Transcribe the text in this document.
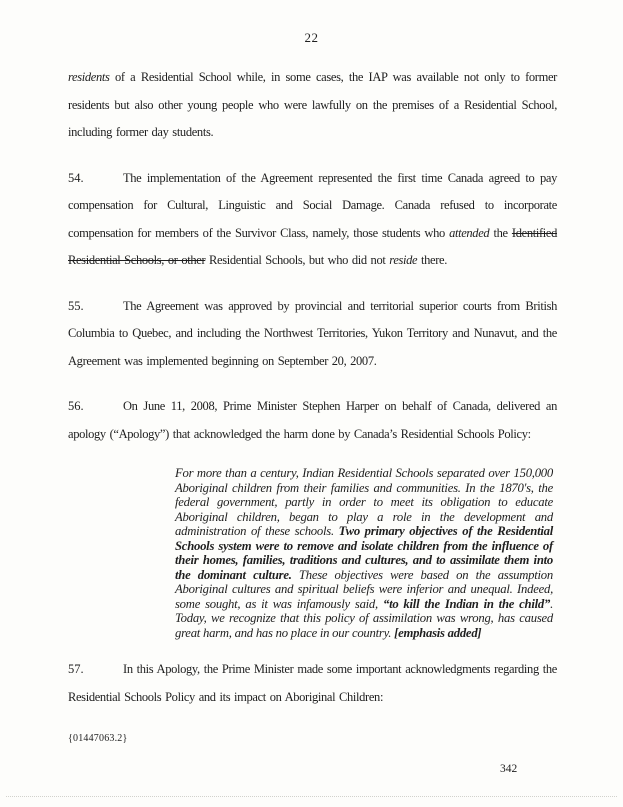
22

residents of a Residential School while, in some cases, the IAP was available not only to former residents but also other young people who were lawfully on the premises of a Residential School, including former day students.

54.	The implementation of the Agreement represented the first time Canada agreed to pay compensation for Cultural, Linguistic and Social Damage. Canada refused to incorporate compensation for members of the Survivor Class, namely, those students who attended the Identified Residential Schools, or other Residential Schools, but who did not reside there.

55.	The Agreement was approved by provincial and territorial superior courts from British Columbia to Quebec, and including the Northwest Territories, Yukon Territory and Nunavut, and the Agreement was implemented beginning on September 20, 2007.

56.	On June 11, 2008, Prime Minister Stephen Harper on behalf of Canada, delivered an apology (“Apology”) that acknowledged the harm done by Canada’s Residential Schools Policy:

For more than a century, Indian Residential Schools separated over 150,000 Aboriginal children from their families and communities. In the 1870's, the federal government, partly in order to meet its obligation to educate Aboriginal children, began to play a role in the development and administration of these schools. Two primary objectives of the Residential Schools system were to remove and isolate children from the influence of their homes, families, traditions and cultures, and to assimilate them into the dominant culture. These objectives were based on the assumption Aboriginal cultures and spiritual beliefs were inferior and unequal. Indeed, some sought, as it was infamously said, “to kill the Indian in the child”. Today, we recognize that this policy of assimilation was wrong, has caused great harm, and has no place in our country. [emphasis added]

57.	In this Apology, the Prime Minister made some important acknowledgments regarding the Residential Schools Policy and its impact on Aboriginal Children:

{01447063.2}
342
